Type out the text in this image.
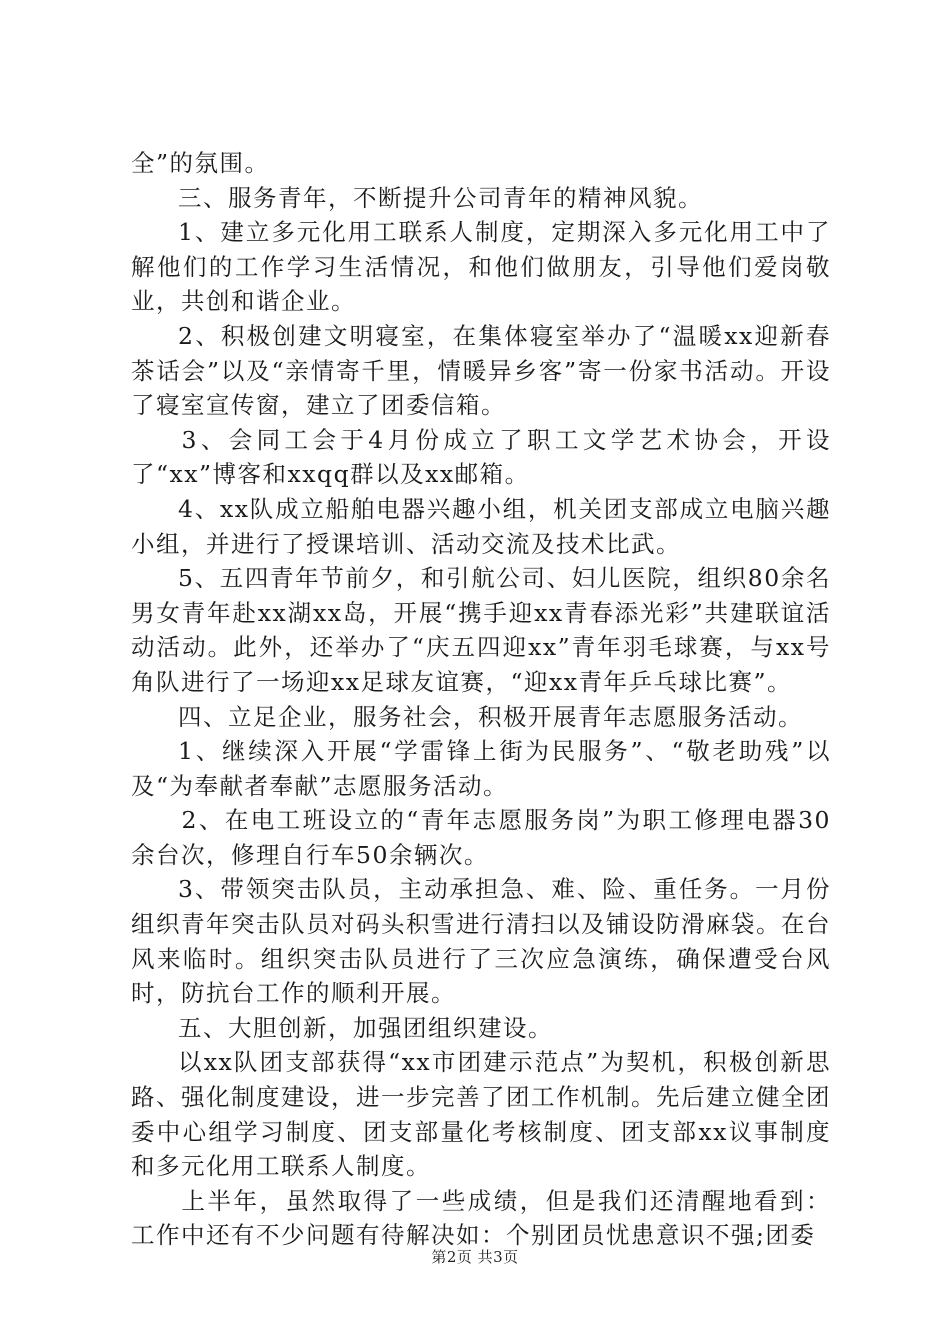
全”的氛围。

三、服务青年，不断提升公司青年的精神风貌。

1、建立多元化用工联系人制度，定期深入多元化用工中了解他们的工作学习生活情况，和他们做朋友，引导他们爱岗敬业，共创和谐企业。

2、积极创建文明寝室，在集体寝室举办了“温暖xx迎新春茶话会”以及“亲情寄千里，情暖异乡客”寄一份家书活动。开设了寝室宣传窗，建立了团委信箱。

3、会同工会于4月份成立了职工文学艺术协会，开设了“xx”博客和xxqq群以及xx邮箱。

4、xx队成立船舶电器兴趣小组，机关团支部成立电脑兴趣小组，并进行了授课培训、活动交流及技术比武。

5、五四青年节前夕，和引航公司、妇儿医院，组织80余名男女青年赴xx湖xx岛，开展“携手迎xx青春添光彩”共建联谊活动活动。此外，还举办了“庆五四迎xx”青年羽毛球赛，与xx号角队进行了一场迎xx足球友谊赛，“迎xx青年乒乓球比赛”。

四、立足企业，服务社会，积极开展青年志愿服务活动。

1、继续深入开展“学雷锋上街为民服务”、“敬老助残”以及“为奉献者奉献”志愿服务活动。

2、在电工班设立的“青年志愿服务岗”为职工修理电器30余台次，修理自行车50余辆次。

3、带领突击队员，主动承担急、难、险、重任务。一月份组织青年突击队员对码头积雪进行清扫以及铺设防滑麻袋。在台风来临时。组织突击队员进行了三次应急演练，确保遭受台风时，防抗台工作的顺利开展。

五、大胆创新，加强团组织建设。

以xx队团支部获得“xx市团建示范点”为契机，积极创新思路、强化制度建设，进一步完善了团工作机制。先后建立健全团委中心组学习制度、团支部量化考核制度、团支部xx议事制度和多元化用工联系人制度。

上半年，虽然取得了一些成绩，但是我们还清醒地看到：工作中还有不少问题有待解决如：个别团员忧患意识不强;团委

第2页 共3页
